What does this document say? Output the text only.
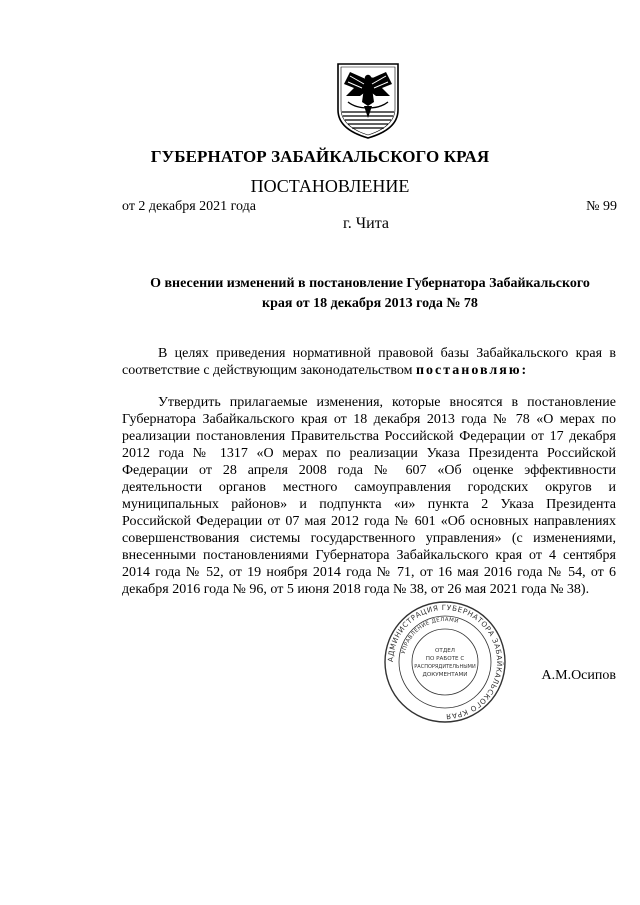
ГУБЕРНАТОР ЗАБАЙКАЛЬСКОГО КРАЯ
ПОСТАНОВЛЕНИЕ
от 2 декабря 2021 года	№ 99
г. Чита
О внесении изменений в постановление Губернатора Забайкальского
края от 18 декабря 2013 года № 78
В целях приведения нормативной правовой базы Забайкальского края в соответствие с действующим законодательством постановляю:
Утвердить прилагаемые изменения, которые вносятся в постановление Губернатора Забайкальского края от 18 декабря 2013 года № 78 «О мерах по реализации постановления Правительства Российской Федерации от 17 декабря 2012 года № 1317 «О мерах по реализации Указа Президента Российской Федерации от 28 апреля 2008 года № 607 «Об оценке эффективности деятельности органов местного самоуправления городских округов и муниципальных районов» и подпункта «и» пункта 2 Указа Президента Российской Федерации от 07 мая 2012 года № 601 «Об основных направлениях совершенствования системы государственного управления» (с изменениями, внесенными постановлениями Губернатора Забайкальского края от 4 сентября 2014 года № 52, от 19 ноября 2014 года № 71, от 16 мая 2016 года № 54, от 6 декабря 2016 года № 96, от 5 июня 2018 года № 38, от 26 мая 2021 года № 38).
АДМИНИСТРАЦИЯ ГУБЕРНАТОРА ЗАБАЙКАЛЬСКОГО КРАЯ
УПРАВЛЕНИЕ ДЕЛАМИ
ОТДЕЛ
ПО РАБОТЕ С
РАСПОРЯДИТЕЛЬНЫМИ
ДОКУМЕНТАМИ	А.М.Осипов
